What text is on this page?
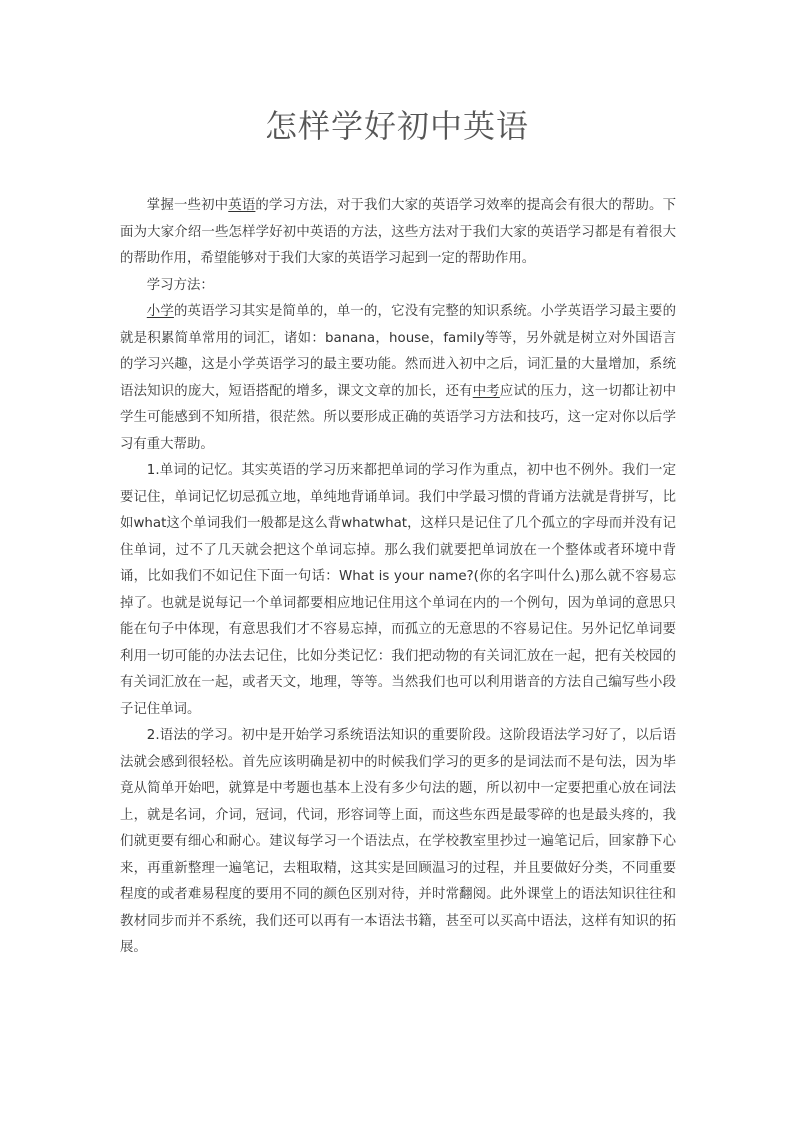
怎样学好初中英语

掌握一些初中英语的学习方法，对于我们大家的英语学习效率的提高会有很大的帮助。下面为大家介绍一些怎样学好初中英语的方法，这些方法对于我们大家的英语学习都是有着很大的帮助作用，希望能够对于我们大家的英语学习起到一定的帮助作用。

学习方法：

小学的英语学习其实是简单的，单一的，它没有完整的知识系统。小学英语学习最主要的就是积累简单常用的词汇，诸如：banana，house，family等等，另外就是树立对外国语言的学习兴趣，这是小学英语学习的最主要功能。然而进入初中之后，词汇量的大量增加，系统语法知识的庞大，短语搭配的增多，课文文章的加长，还有中考应试的压力，这一切都让初中学生可能感到不知所措，很茫然。所以要形成正确的英语学习方法和技巧，这一定对你以后学习有重大帮助。

1.单词的记忆。其实英语的学习历来都把单词的学习作为重点，初中也不例外。我们一定要记住，单词记忆切忌孤立地，单纯地背诵单词。我们中学最习惯的背诵方法就是背拼写，比如what这个单词我们一般都是这么背whatwhat，这样只是记住了几个孤立的字母而并没有记住单词，过不了几天就会把这个单词忘掉。那么我们就要把单词放在一个整体或者环境中背诵，比如我们不如记住下面一句话：What is your name?(你的名字叫什么)那么就不容易忘掉了。也就是说每记一个单词都要相应地记住用这个单词在内的一个例句，因为单词的意思只能在句子中体现，有意思我们才不容易忘掉，而孤立的无意思的不容易记住。另外记忆单词要利用一切可能的办法去记住，比如分类记忆：我们把动物的有关词汇放在一起，把有关校园的有关词汇放在一起，或者天文，地理，等等。当然我们也可以利用谐音的方法自己编写些小段子记住单词。

2.语法的学习。初中是开始学习系统语法知识的重要阶段。这阶段语法学习好了，以后语法就会感到很轻松。首先应该明确是初中的时候我们学习的更多的是词法而不是句法，因为毕竟从简单开始吧，就算是中考题也基本上没有多少句法的题，所以初中一定要把重心放在词法上，就是名词，介词，冠词，代词，形容词等上面，而这些东西是最零碎的也是最头疼的，我们就更要有细心和耐心。建议每学习一个语法点，在学校教室里抄过一遍笔记后，回家静下心来，再重新整理一遍笔记，去粗取精，这其实是回顾温习的过程，并且要做好分类，不同重要程度的或者难易程度的要用不同的颜色区别对待，并时常翻阅。此外课堂上的语法知识往往和教材同步而并不系统，我们还可以再有一本语法书籍，甚至可以买高中语法，这样有知识的拓展。
